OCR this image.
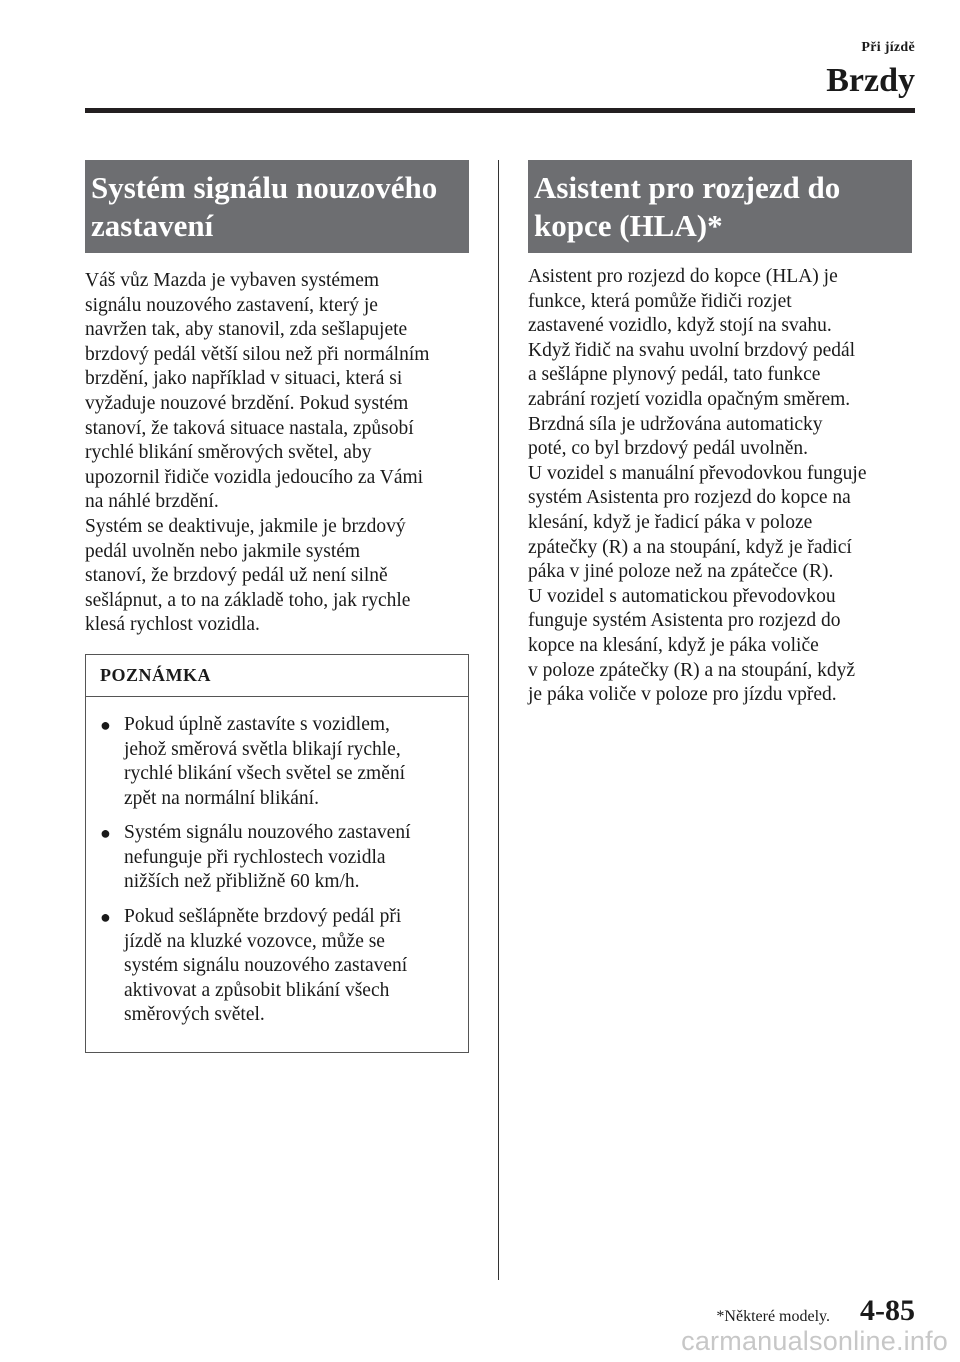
Při jízdě
Brzdy
Systém signálu nouzového
zastavení
Váš vůz Mazda je vybaven systémem
signálu nouzového zastavení, který je
navržen tak, aby stanovil, zda sešlapujete
brzdový pedál větší silou než při normálním
brzdění, jako například v situaci, která si
vyžaduje nouzové brzdění. Pokud systém
stanoví, že taková situace nastala, způsobí
rychlé blikání směrových světel, aby
upozornil řidiče vozidla jedoucího za Vámi
na náhlé brzdění.
Systém se deaktivuje, jakmile je brzdový
pedál uvolněn nebo jakmile systém
stanoví, že brzdový pedál už není silně
sešlápnut, a to na základě toho, jak rychle
klesá rychlost vozidla.
POZNÁMKA
● Pokud úplně zastavíte s vozidlem,
jehož směrová světla blikají rychle,
rychlé blikání všech světel se změní
zpět na normální blikání.
● Systém signálu nouzového zastavení
nefunguje při rychlostech vozidla
nižších než přibližně 60 km/h.
● Pokud sešlápněte brzdový pedál při
jízdě na kluzké vozovce, může se
systém signálu nouzového zastavení
aktivovat a způsobit blikání všech
směrových světel.
Asistent pro rozjezd do
kopce (HLA)*
Asistent pro rozjezd do kopce (HLA) je
funkce, která pomůže řidiči rozjet
zastavené vozidlo, když stojí na svahu.
Když řidič na svahu uvolní brzdový pedál
a sešlápne plynový pedál, tato funkce
zabrání rozjetí vozidla opačným směrem.
Brzdná síla je udržována automaticky
poté, co byl brzdový pedál uvolněn.
U vozidel s manuální převodovkou funguje
systém Asistenta pro rozjezd do kopce na
klesání, když je řadicí páka v poloze
zpátečky (R) a na stoupání, když je řadicí
páka v jiné poloze než na zpátečce (R).
U vozidel s automatickou převodovkou
funguje systém Asistenta pro rozjezd do
kopce na klesání, když je páka voliče
v poloze zpátečky (R) a na stoupání, když
je páka voliče v poloze pro jízdu vpřed.
*Některé modely. 4-85
carmanualsonline.info
